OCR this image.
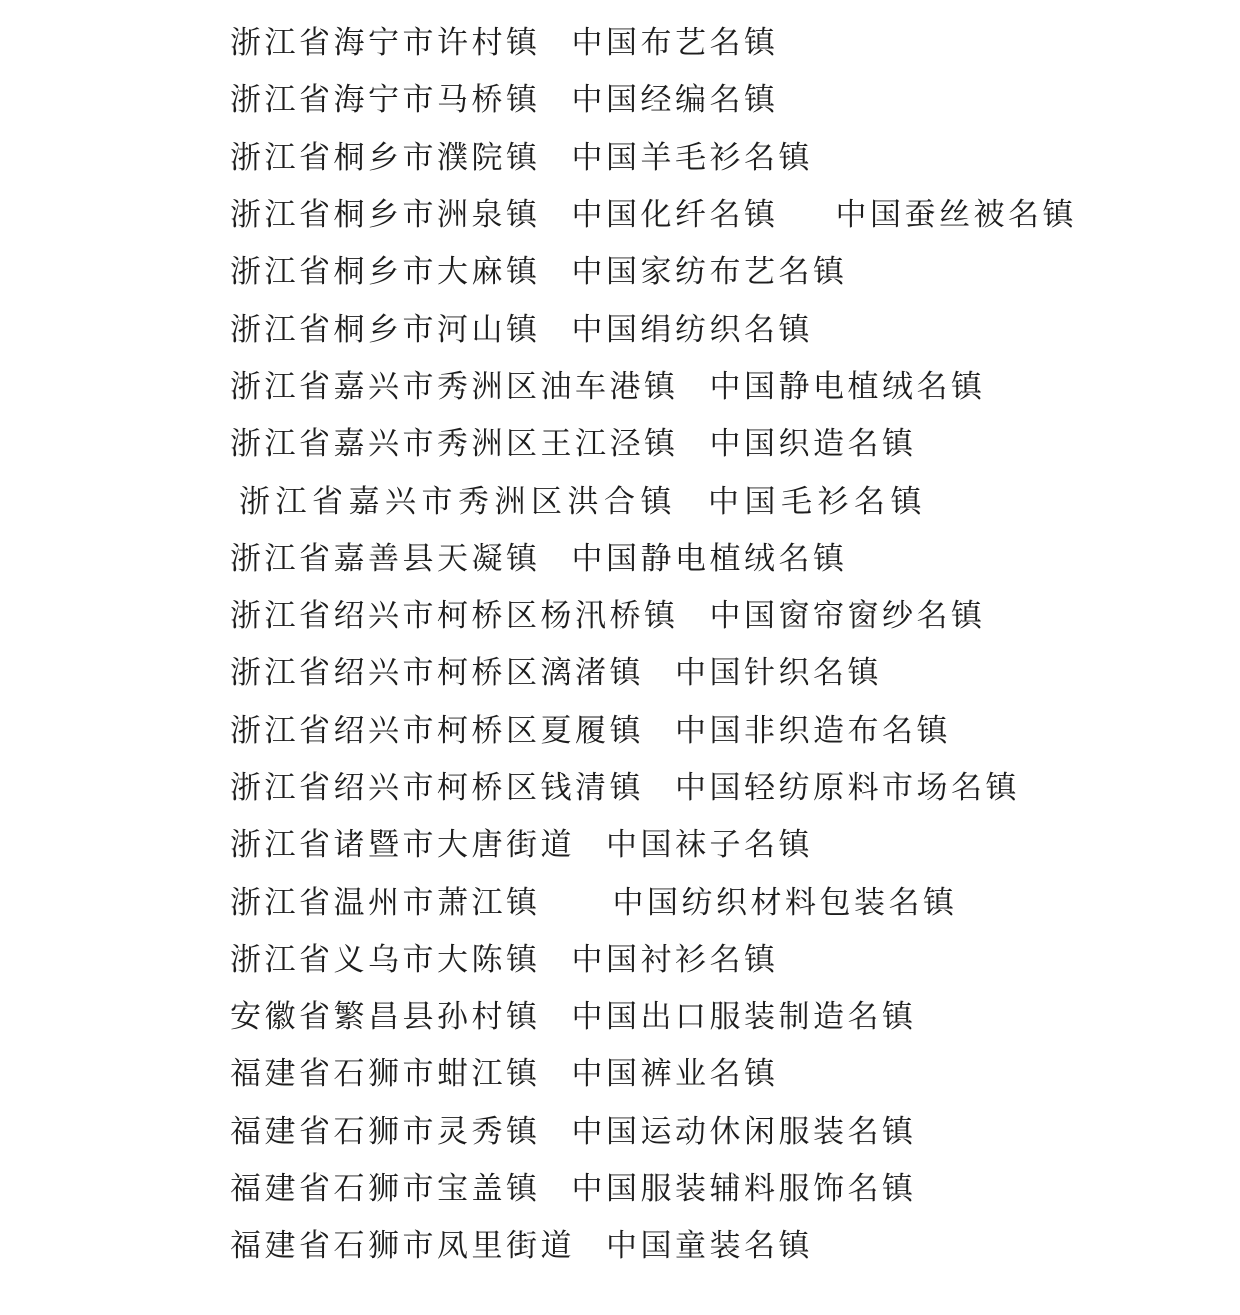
浙江省海宁市许村镇 中国布艺名镇
浙江省海宁市马桥镇 中国经编名镇
浙江省桐乡市濮院镇 中国羊毛衫名镇
浙江省桐乡市洲泉镇 中国化纤名镇 中国蚕丝被名镇
浙江省桐乡市大麻镇 中国家纺布艺名镇
浙江省桐乡市河山镇 中国绢纺织名镇
浙江省嘉兴市秀洲区油车港镇 中国静电植绒名镇
浙江省嘉兴市秀洲区王江泾镇 中国织造名镇
浙江省嘉兴市秀洲区洪合镇 中国毛衫名镇
浙江省嘉善县天凝镇 中国静电植绒名镇
浙江省绍兴市柯桥区杨汛桥镇 中国窗帘窗纱名镇
浙江省绍兴市柯桥区漓渚镇 中国针织名镇
浙江省绍兴市柯桥区夏履镇 中国非织造布名镇
浙江省绍兴市柯桥区钱清镇 中国轻纺原料市场名镇
浙江省诸暨市大唐街道 中国袜子名镇
浙江省温州市萧江镇 中国纺织材料包装名镇
浙江省义乌市大陈镇 中国衬衫名镇
安徽省繁昌县孙村镇 中国出口服装制造名镇
福建省石狮市蚶江镇 中国裤业名镇
福建省石狮市灵秀镇 中国运动休闲服装名镇
福建省石狮市宝盖镇 中国服装辅料服饰名镇
福建省石狮市凤里街道 中国童装名镇
